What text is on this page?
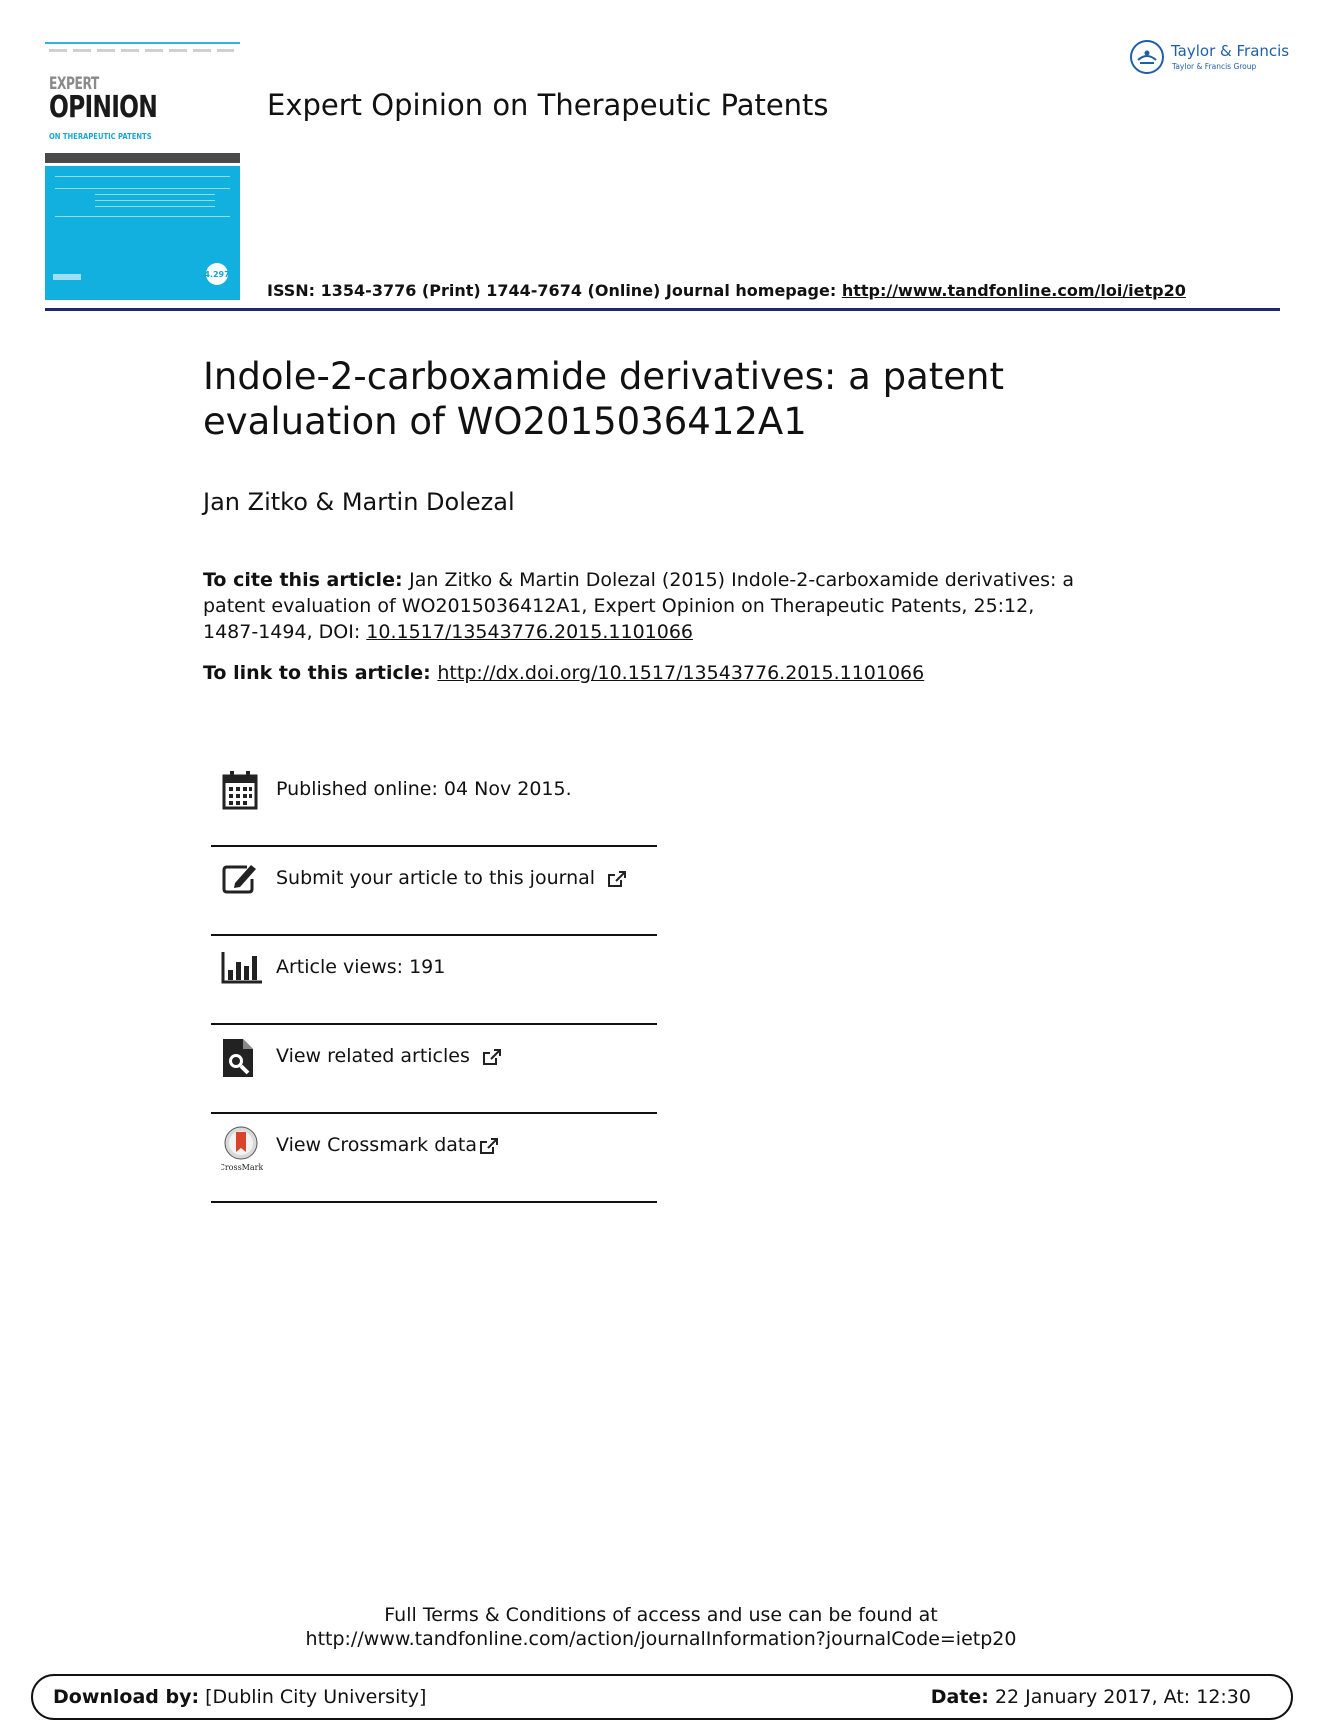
EXPERT
OPINION
ON THERAPEUTIC PATENTS
4.297
Expert Opinion on Therapeutic Patents
Taylor & Francis
Taylor & Francis Group
ISSN: 1354-3776 (Print) 1744-7674 (Online) Journal homepage: http://www.tandfonline.com/loi/ietp20
Indole-2-carboxamide derivatives: a patent evaluation of WO2015036412A1
Jan Zitko & Martin Dolezal
To cite this article: Jan Zitko & Martin Dolezal (2015) Indole-2-carboxamide derivatives: a patent evaluation of WO2015036412A1, Expert Opinion on Therapeutic Patents, 25:12, 1487-1494, DOI: 10.1517/13543776.2015.1101066
To link to this article: http://dx.doi.org/10.1517/13543776.2015.1101066
Published online: 04 Nov 2015.
Submit your article to this journal
Article views: 191
View related articles
CrossMark
View Crossmark data
Full Terms & Conditions of access and use can be found at
http://www.tandfonline.com/action/journalInformation?journalCode=ietp20
Download by: [Dublin City University]	Date: 22 January 2017, At: 12:30
